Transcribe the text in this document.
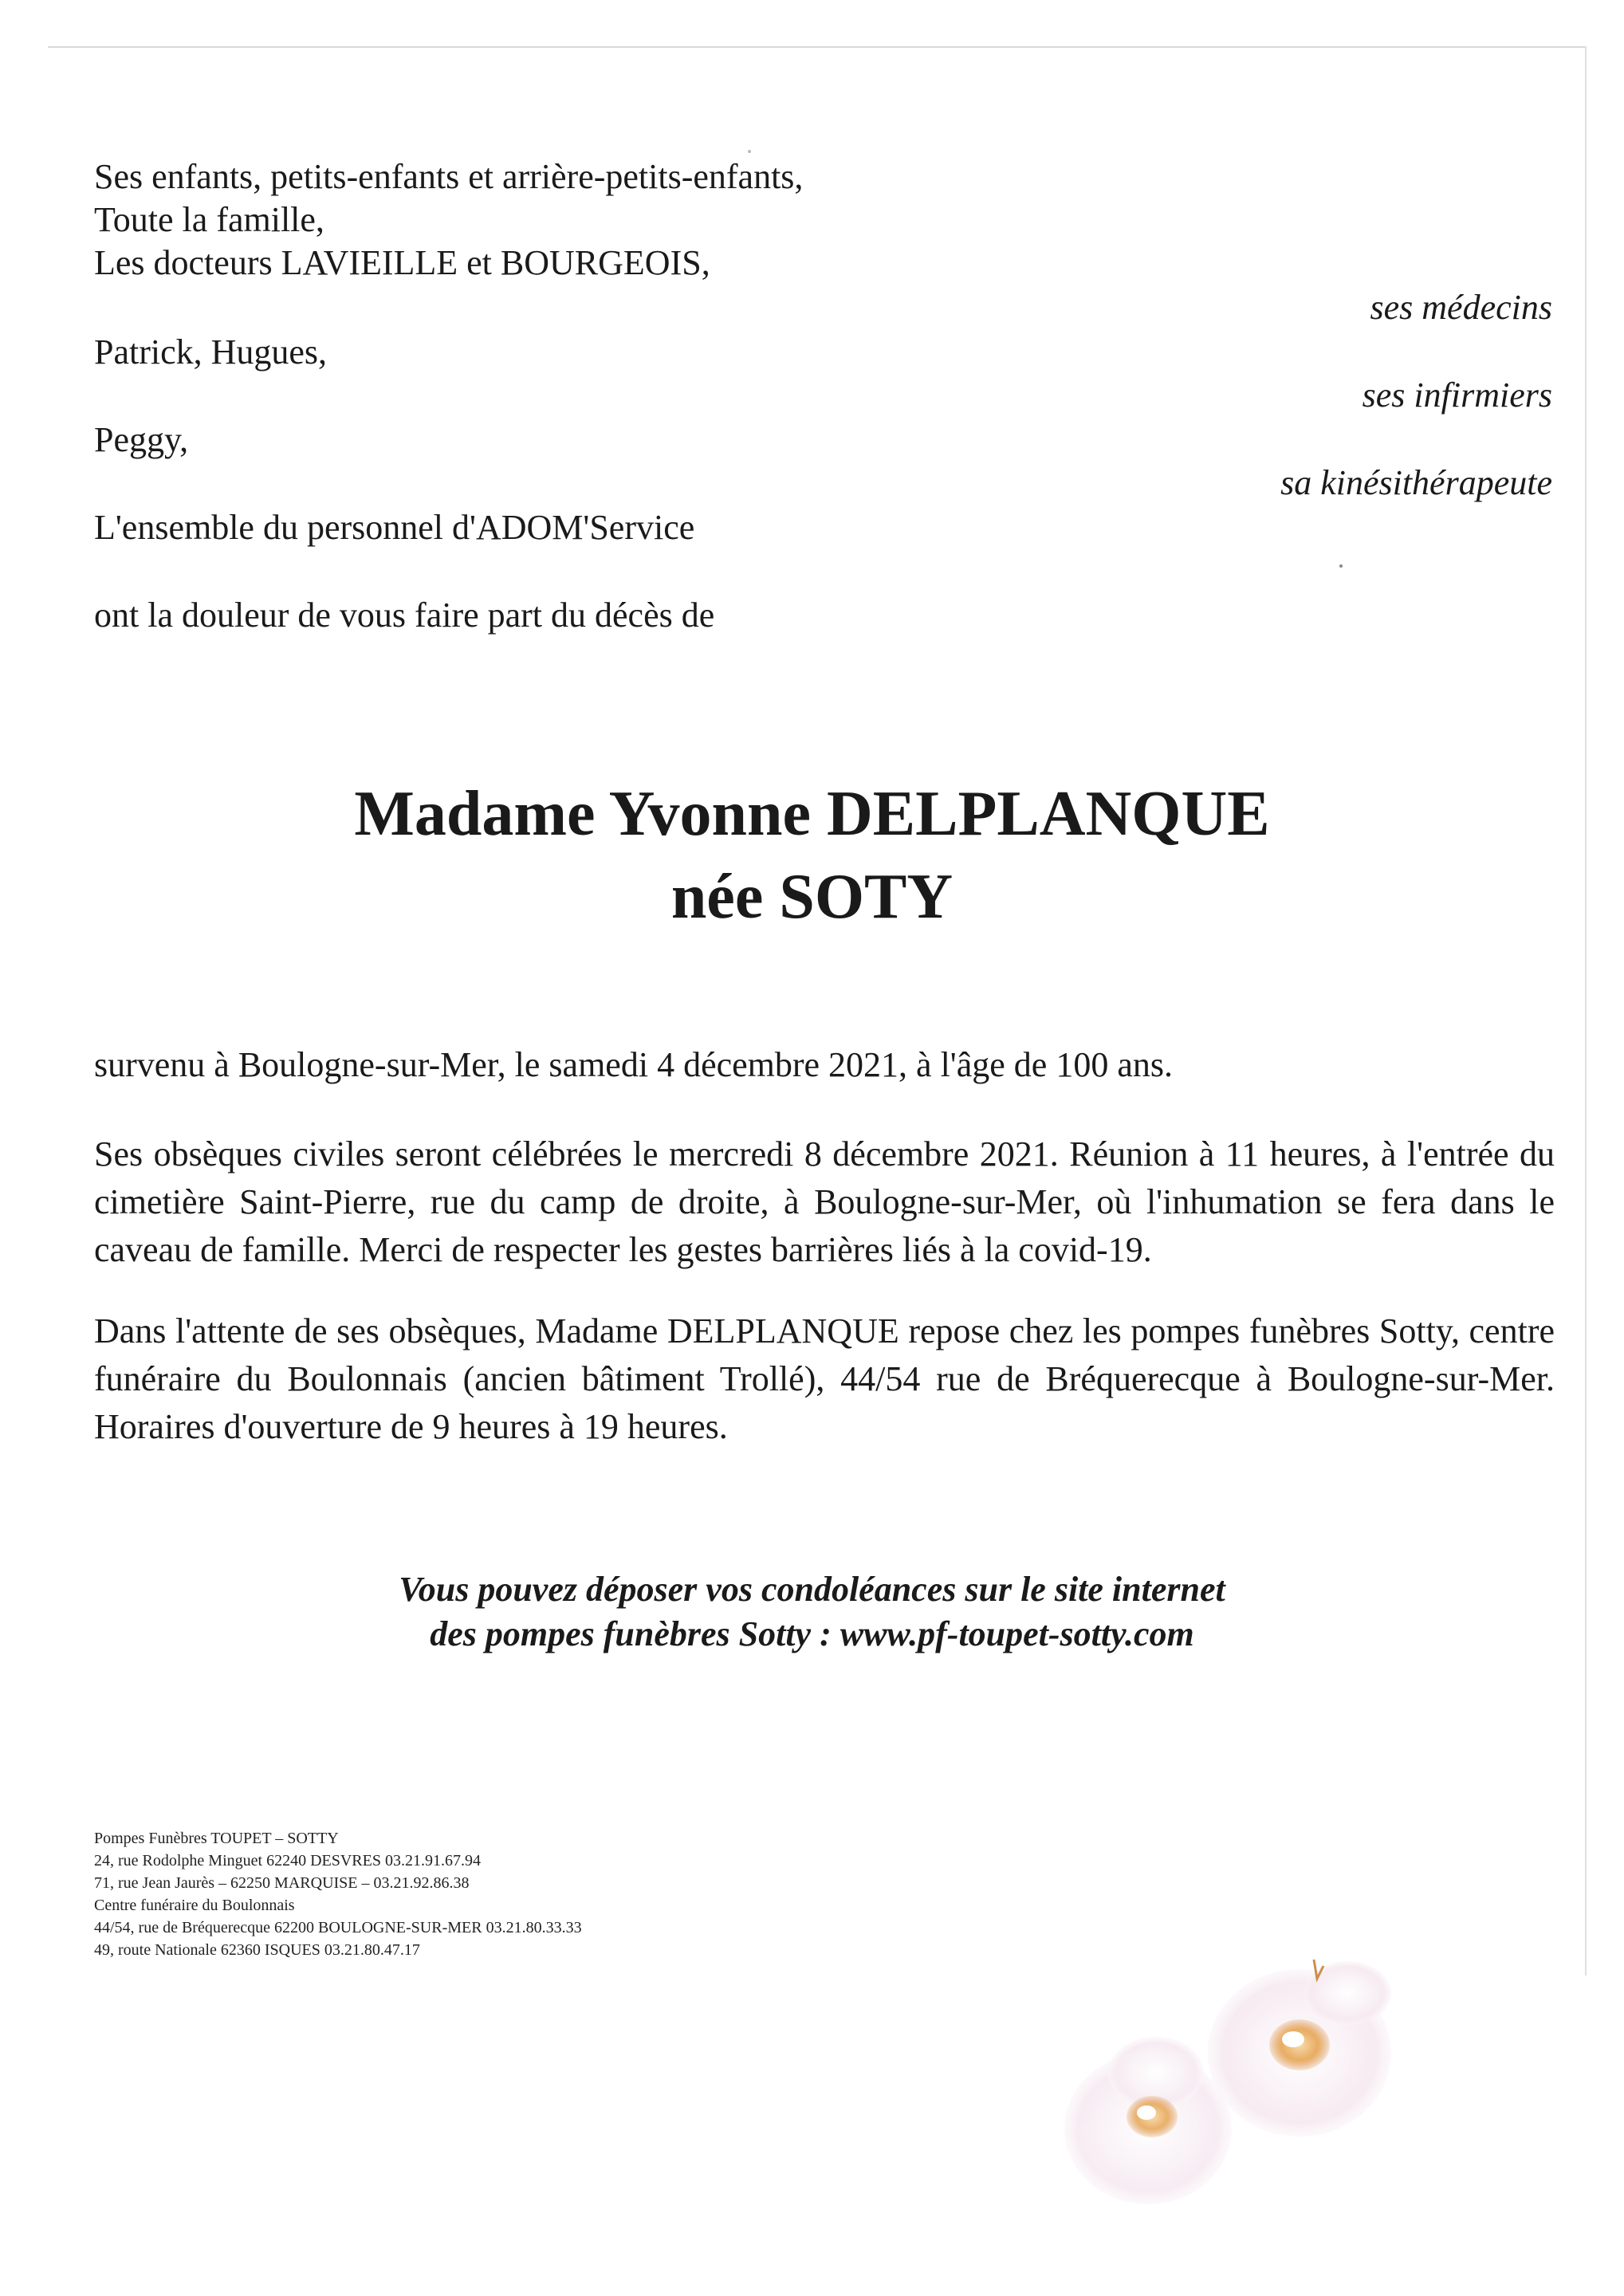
Ses enfants, petits-enfants et arrière-petits-enfants,
Toute la famille,
Les docteurs LAVIEILLE et BOURGEOIS,
ses médecins
Patrick, Hugues,
ses infirmiers
Peggy,
sa kinésithérapeute
L'ensemble du personnel d'ADOM'Service
ont la douleur de vous faire part du décès de
Madame Yvonne DELPLANQUE
née SOTY

survenu à Boulogne-sur-Mer, le samedi 4 décembre 2021, à l'âge de 100 ans.

Ses obsèques civiles seront célébrées le mercredi 8 décembre 2021. Réunion à 11 heures, à l'entrée du cimetière Saint-Pierre, rue du camp de droite, à Boulogne-sur-Mer, où l'inhumation se fera dans le caveau de famille. Merci de respecter les gestes barrières liés à la covid-19.

Dans l'attente de ses obsèques, Madame DELPLANQUE repose chez les pompes funèbres Sotty, centre funéraire du Boulonnais (ancien bâtiment Trollé), 44/54 rue de Bréquerecque à Boulogne-sur-Mer. Horaires d'ouverture de 9 heures à 19 heures.

Vous pouvez déposer vos condoléances sur le site internet
des pompes funèbres Sotty : www.pf-toupet-sotty.com
Pompes Funèbres TOUPET – SOTTY
24, rue Rodolphe Minguet 62240 DESVRES 03.21.91.67.94
71, rue Jean Jaurès – 62250 MARQUISE – 03.21.92.86.38
Centre funéraire du Boulonnais
44/54, rue de Bréquerecque 62200 BOULOGNE-SUR-MER 03.21.80.33.33
49, route Nationale 62360 ISQUES 03.21.80.47.17
